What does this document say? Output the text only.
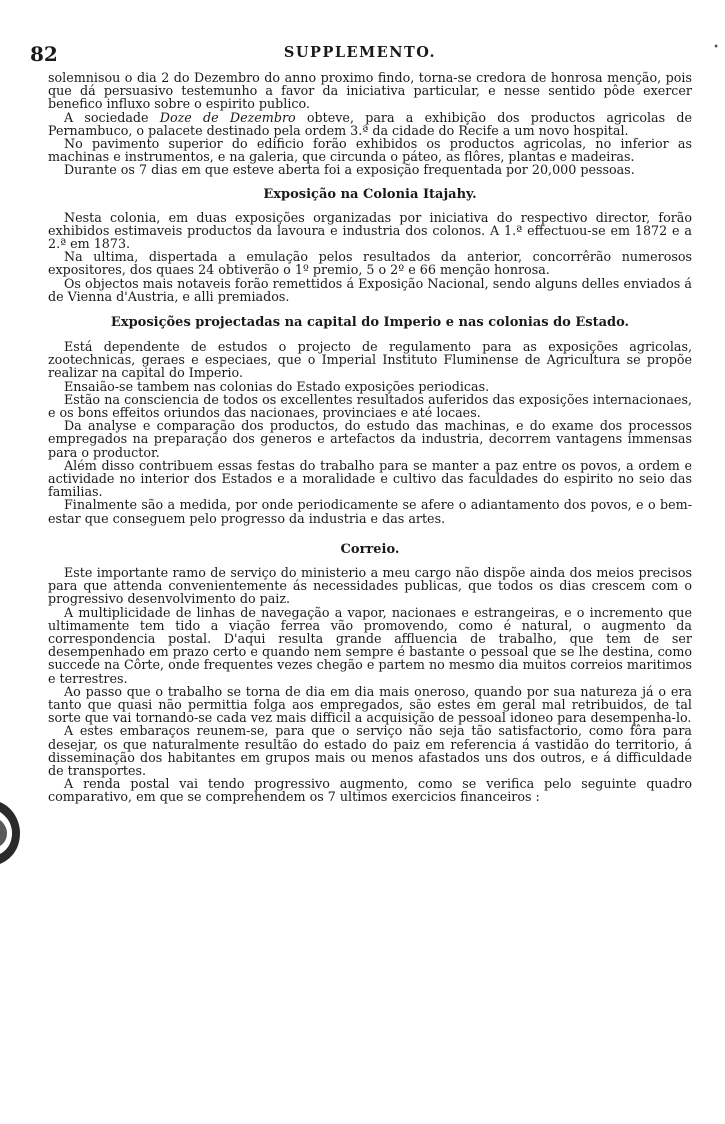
82	SUPPLEMENTO.	•

solemnisou o dia 2 do Dezembro do anno proximo findo, torna-se credora de honrosa menção, pois que dá persuasivo testemunho a favor da iniciativa particular, e nesse sentido pôde exercer benefico influxo sobre o espirito publico.

A sociedade Doze de Dezembro obteve, para a exhibição dos productos agricolas de Pernambuco, o palacete destinado pela ordem 3.ª da cidade do Recife a um novo hospital.

No pavimento superior do edificio forão exhibidos os productos agricolas, no inferior as machinas e instrumentos, e na galeria, que circunda o páteo, as flôres, plantas e madeiras.

Durante os 7 dias em que esteve aberta foi a exposição frequentada por 20,000 pessoas.

Exposição na Colonia Itajahy.

Nesta colonia, em duas exposições organizadas por iniciativa do respectivo director, forão exhibidos estimaveis productos da lavoura e industria dos colonos. A 1.ª effectuou-se em 1872 e a 2.ª em 1873.

Na ultima, dispertada a emulação pelos resultados da anterior, concorrêrão numerosos expositores, dos quaes 24 obtiverão o 1º premio, 5 o 2º e 66 menção honrosa.

Os objectos mais notaveis forão remettidos á Exposição Nacional, sendo alguns delles enviados á de Vienna d'Austria, e alli premiados.

Exposições projectadas na capital do Imperio e nas colonias do Estado.

Está dependente de estudos o projecto de regulamento para as exposições agricolas, zootechnicas, geraes e especiaes, que o Imperial Instituto Fluminense de Agricultura se propõe realizar na capital do Imperio.

Ensaião-se tambem nas colonias do Estado exposições periodicas.

Estão na consciencia de todos os excellentes resultados auferidos das exposições internacionaes, e os bons effeitos oriundos das nacionaes, provinciaes e até locaes.

Da analyse e comparação dos productos, do estudo das machinas, e do exame dos processos empregados na preparação dos generos e artefactos da industria, decorrem vantagens immensas para o productor.

Além disso contribuem essas festas do trabalho para se manter a paz entre os povos, a ordem e actividade no interior dos Estados e a moralidade e cultivo das faculdades do espirito no seio das familias.

Finalmente são a medida, por onde periodicamente se afere o adiantamento dos povos, e o bem-estar que conseguem pelo progresso da industria e das artes.

Correio.

Este importante ramo de serviço do ministerio a meu cargo não dispõe ainda dos meios precisos para que attenda convenientemente ás necessidades publicas, que todos os dias crescem com o progressivo desenvolvimento do paiz.

A multiplicidade de linhas de navegação a vapor, nacionaes e estrangeiras, e o incremento que ultimamente tem tido a viação ferrea vão promovendo, como é natural, o augmento da correspondencia postal. D'aqui resulta grande affluencia de trabalho, que tem de ser desempenhado em prazo certo e quando nem sempre é bastante o pessoal que se lhe destina, como succede na Côrte, onde frequentes vezes chegão e partem no mesmo dia muitos correios maritimos e terrestres.

Ao passo que o trabalho se torna de dia em dia mais oneroso, quando por sua natureza já o era tanto que quasi não permittia folga aos empregados, são estes em geral mal retribuidos, de tal sorte que vai tornando-se cada vez mais difficil a acquisição de pessoal idoneo para desempenha-lo.

A estes embaraços reunem-se, para que o serviço não seja tão satisfactorio, como fôra para desejar, os que naturalmente resultão do estado do paiz em referencia á vastidão do territorio, á disseminação dos habitantes em grupos mais ou menos afastados uns dos outros, e á difficuldade de transportes.

A renda postal vai tendo progressivo augmento, como se verifica pelo seguinte quadro comparativo, em que se comprehendem os 7 ultimos exercicios financeiros :
